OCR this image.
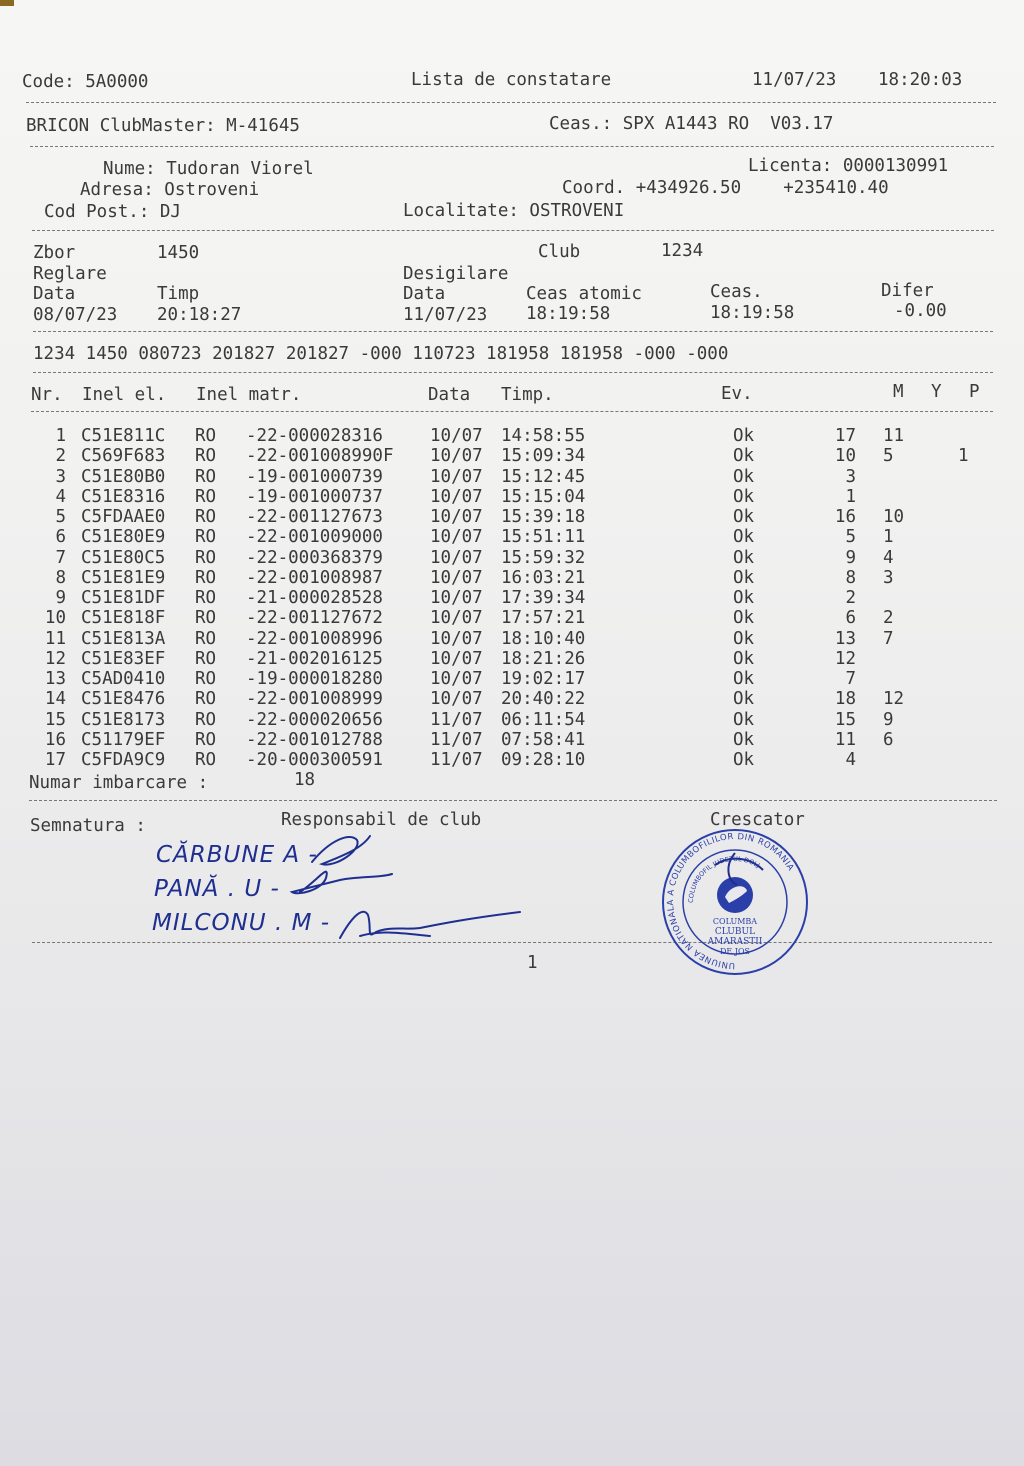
Code: 5A0000	Lista de constatare	11/07/23 18:20:03
BRICON ClubMaster: M-41645	Ceas.: SPX A1443 RO  V03.17
Nume: Tudoran Viorel
Adresa: Ostroveni
Cod Post.: DJ
Licenta: 0000130991
Coord. +434926.50    +235410.40
Localitate: OSTROVENI
Zbor	1450	Club	1234
Reglare	Desigilare
Data	Timp	Data	Ceas atomic	Ceas.	Difer
08/07/23 20:18:27	11/07/23 18:19:58	18:19:58	-0.00
1234 1450 080723 201827 201827 -000 110723 181958 181958 -000 -000
Nr. Inel el. Inel matr.	Data Timp.	Ev.	M Y P
1 C51E811C RO -22-000028316	10/07 14:58:55	Ok	17 11
2 C569F683 RO -22-001008990F 10/07 15:09:34	Ok	10 5	1
3 C51E80B0 RO -19-001000739	10/07 15:12:45	Ok	3
4 C51E8316 RO -19-001000737	10/07 15:15:04	Ok	1
5 C5FDAAE0 RO -22-001127673	10/07 15:39:18	Ok	16 10
6 C51E80E9 RO -22-001009000	10/07 15:51:11	Ok	5 1
7 C51E80C5 RO -22-000368379	10/07 15:59:32	Ok	9 4
8 C51E81E9 RO -22-001008987	10/07 16:03:21	Ok	8 3
9 C51E81DF RO -21-000028528	10/07 17:39:34	Ok	2
10 C51E818F RO -22-001127672	10/07 17:57:21	Ok	6 2
11 C51E813A RO -22-001008996	10/07 18:10:40	Ok	13 7
12 C51E83EF RO -21-002016125	10/07 18:21:26	Ok	12
13 C5AD0410 RO -19-000018280	10/07 19:02:17	Ok	7
14 C51E8476 RO -22-001008999	10/07 20:40:22	Ok	18 12
15 C51E8173 RO -22-000020656	11/07 06:11:54	Ok	15 9
16 C51179EF RO -22-001012788	11/07 07:58:41	Ok	11 6
17 C5FDA9C9 RO -20-000300591	11/07 09:28:10	Ok	4
Numar imbarcare :	18
Semnatura :	Responsabil de club	Crescator
CĂRBUNE A -
PANĂ . U -
MILCONU . M -
1	UNIUNEA NATIONALA A COLUMBOFILILOR DIN ROMANIA
COLUMBOFIL JUDETUL DOLJ
COLUMBA
CLUBUL
AMARASTII
DE JOS
